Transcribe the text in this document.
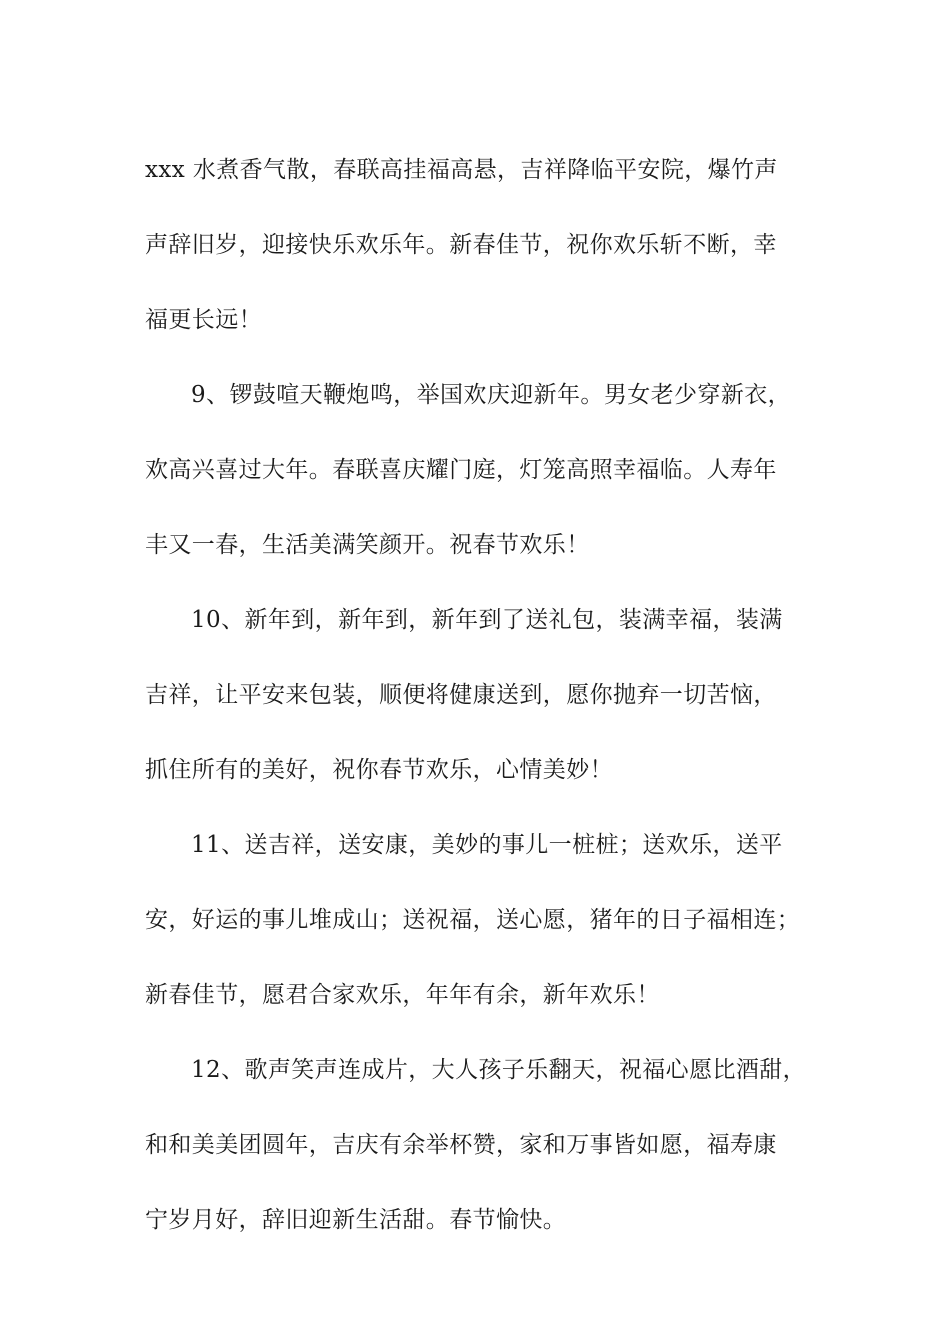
xxx 水煮香气散，春联高挂福高悬，吉祥降临平安院，爆竹声
声辞旧岁，迎接快乐欢乐年。新春佳节，祝你欢乐斩不断，幸
福更长远！
9、锣鼓喧天鞭炮鸣，举国欢庆迎新年。男女老少穿新衣，
欢高兴喜过大年。春联喜庆耀门庭，灯笼高照幸福临。人寿年
丰又一春，生活美满笑颜开。祝春节欢乐！
10、新年到，新年到，新年到了送礼包，装满幸福，装满
吉祥，让平安来包装，顺便将健康送到，愿你抛弃一切苦恼，
抓住所有的美好，祝你春节欢乐，心情美妙！
11、送吉祥，送安康，美妙的事儿一桩桩；送欢乐，送平
安，好运的事儿堆成山；送祝福，送心愿，猪年的日子福相连；
新春佳节，愿君合家欢乐，年年有余，新年欢乐！
12、歌声笑声连成片，大人孩子乐翻天，祝福心愿比酒甜，
和和美美团圆年，吉庆有余举杯赞，家和万事皆如愿，福寿康
宁岁月好，辞旧迎新生活甜。春节愉快。
